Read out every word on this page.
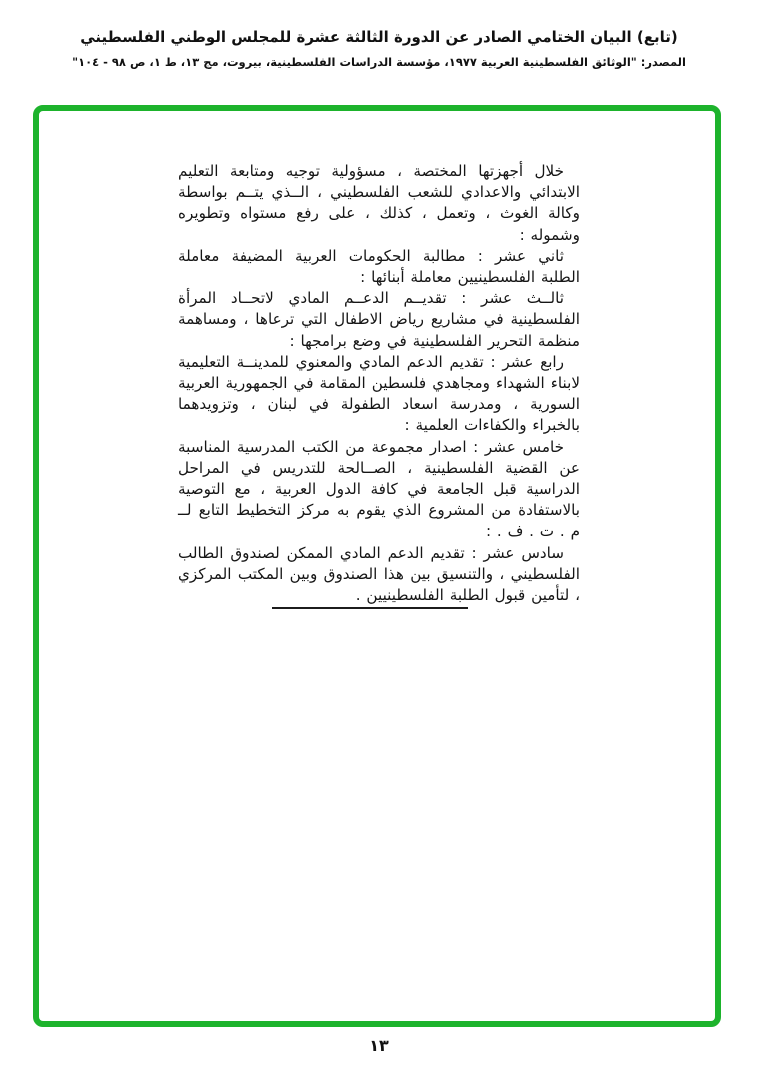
(تابع) البيان الختامي الصادر عن الدورة الثالثة عشرة للمجلس الوطني الفلسطيني
المصدر: "الوثائق الفلسطينية العربية ١٩٧٧، مؤسسة الدراسات الفلسطينية، بيروت، مج ١٣، ط ١، ص ٩٨ - ١٠٤"

خلال أجهزتها المختصة ، مسؤولية توجيه ومتابعة التعليم الابتدائي والاعدادي للشعب الفلسطيني ، الــذي يتــم بواسطة وكالة الغوث ، وتعمل ، كذلك ، على رفع مستواه وتطويره وشموله :

ثاني عشر : مطالبة الحكومات العربية المضيفة معاملة الطلبة الفلسطينيين معاملة أبنائها :

ثالــث عشر : تقديــم الدعــم المادي لاتحــاد المرأة الفلسطينية في مشاريع رياض الاطفال التي ترعاها ، ومساهمة منظمة التحرير الفلسطينية في وضع برامجها :

رابع عشر : تقديم الدعم المادي والمعنوي للمدينــة التعليمية لابناء الشهداء ومجاهدي فلسطين المقامة في الجمهورية العربية السورية ، ومدرسة اسعاد الطفولة في لبنان ، وتزويدهما بالخبراء والكفاءات العلمية :

خامس عشر : اصدار مجموعة من الكتب المدرسية المناسبة عن القضية الفلسطينية ، الصــالحة للتدريس في المراحل الدراسية قبل الجامعة في كافة الدول العربية ، مع التوصية بالاستفادة من المشروع الذي يقوم به مركز التخطيط التابع لــ م . ت . ف . :

سادس عشر : تقديم الدعم المادي الممكن لصندوق الطالب الفلسطيني ، والتنسيق بين هذا الصندوق وبين المكتب المركزي ، لتأمين قبول الطلبة الفلسطينيين .

١٣
